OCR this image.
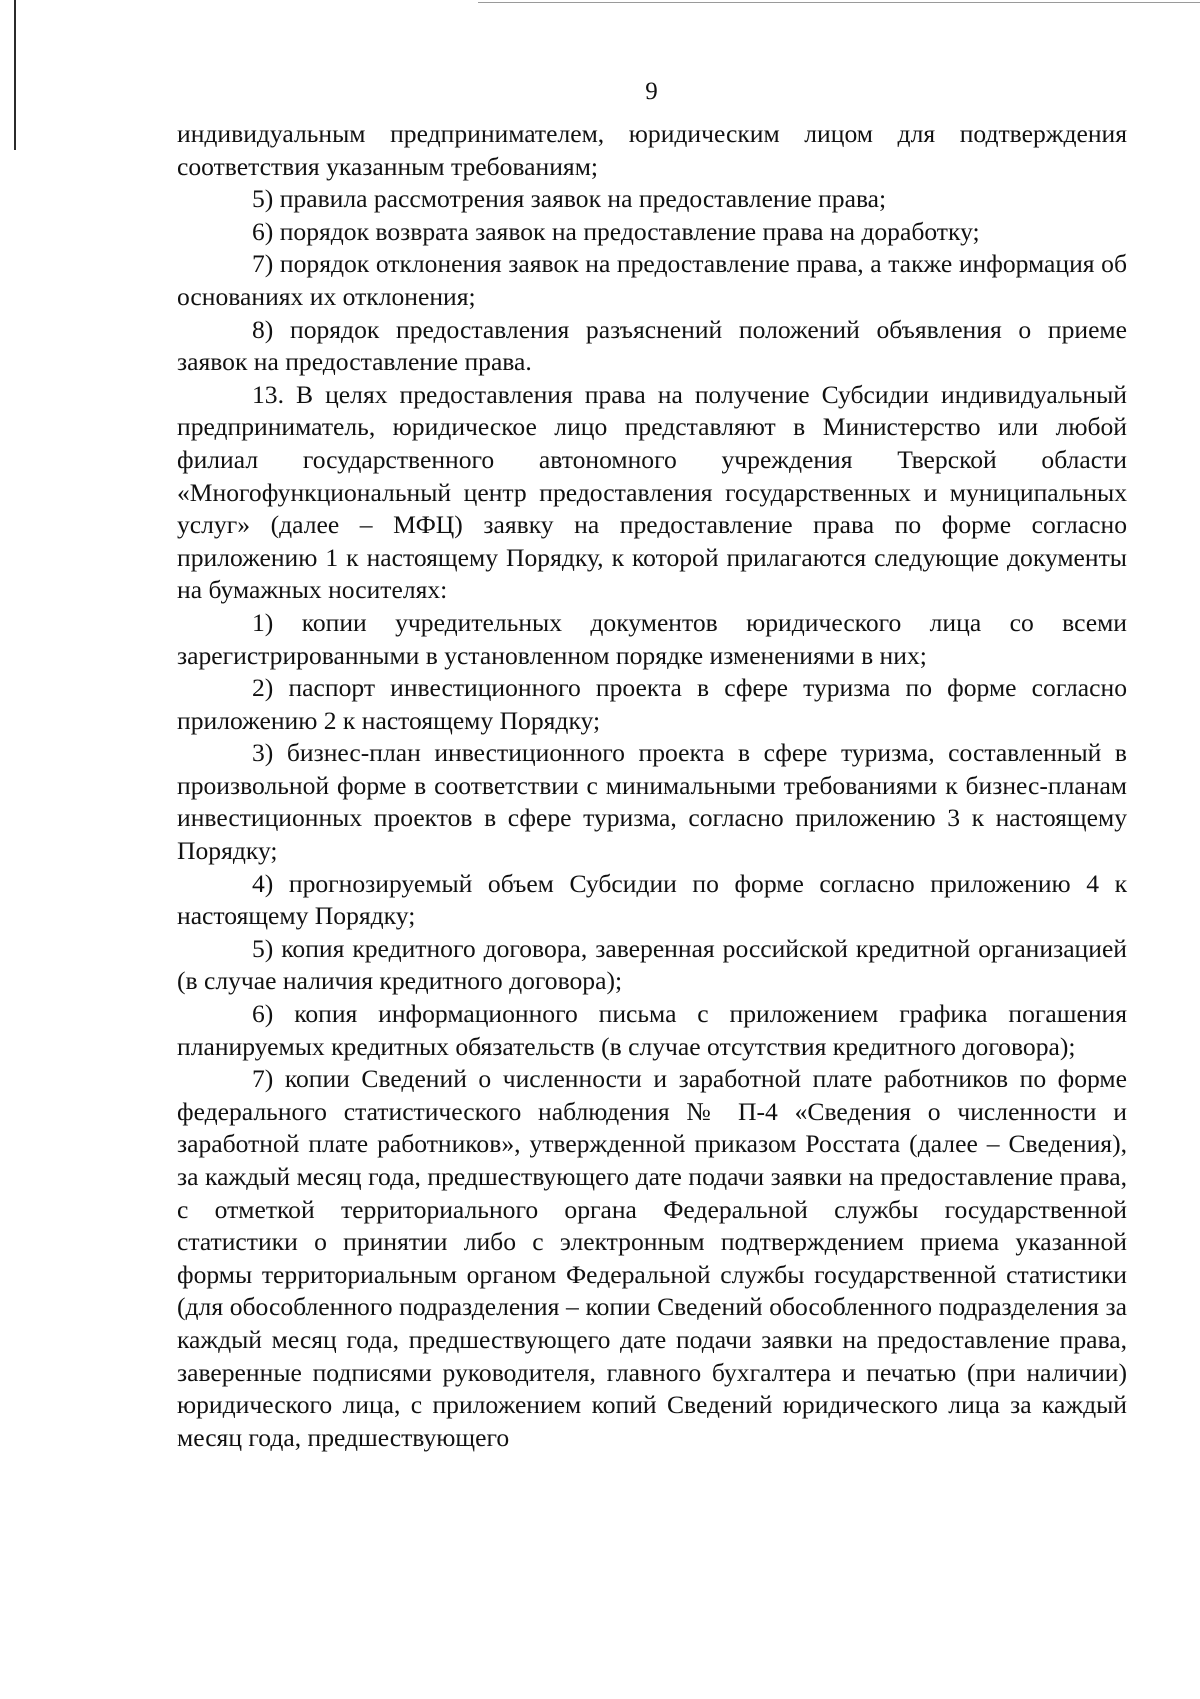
9

индивидуальным предпринимателем, юридическим лицом для подтверждения соответствия указанным требованиям;

5) правила рассмотрения заявок на предоставление права;

6) порядок возврата заявок на предоставление права на доработку;

7) порядок отклонения заявок на предоставление права, а также информация об основаниях их отклонения;

8) порядок предоставления разъяснений положений объявления о приеме заявок на предоставление права.

13. В целях предоставления права на получение Субсидии индивидуальный предприниматель, юридическое лицо представляют в Министерство или любой филиал государственного автономного учреждения Тверской области «Многофункциональный центр предоставления государственных и муниципальных услуг» (далее – МФЦ) заявку на предоставление права по форме согласно приложению 1 к настоящему Порядку, к которой прилагаются следующие документы на бумажных носителях:

1) копии учредительных документов юридического лица со всеми зарегистрированными в установленном порядке изменениями в них;

2) паспорт инвестиционного проекта в сфере туризма по форме согласно приложению 2 к настоящему Порядку;

3) бизнес-план инвестиционного проекта в сфере туризма, составленный в произвольной форме в соответствии с минимальными требованиями к бизнес-планам инвестиционных проектов в сфере туризма, согласно приложению 3 к настоящему Порядку;

4) прогнозируемый объем Субсидии по форме согласно приложению 4 к настоящему Порядку;

5) копия кредитного договора, заверенная российской кредитной организацией (в случае наличия кредитного договора);

6) копия информационного письма с приложением графика погашения планируемых кредитных обязательств (в случае отсутствия кредитного договора);

7) копии Сведений о численности и заработной плате работников по форме федерального статистического наблюдения № П-4 «Сведения о численности и заработной плате работников», утвержденной приказом Росстата (далее – Сведения), за каждый месяц года, предшествующего дате подачи заявки на предоставление права, с отметкой территориального органа Федеральной службы государственной статистики о принятии либо с электронным подтверждением приема указанной формы территориальным органом Федеральной службы государственной статистики (для обособленного подразделения – копии Сведений обособленного подразделения за каждый месяц года, предшествующего дате подачи заявки на предоставление права, заверенные подписями руководителя, главного бухгалтера и печатью (при наличии) юридического лица, с приложением копий Сведений юридического лица за каждый месяц года, предшествующего
